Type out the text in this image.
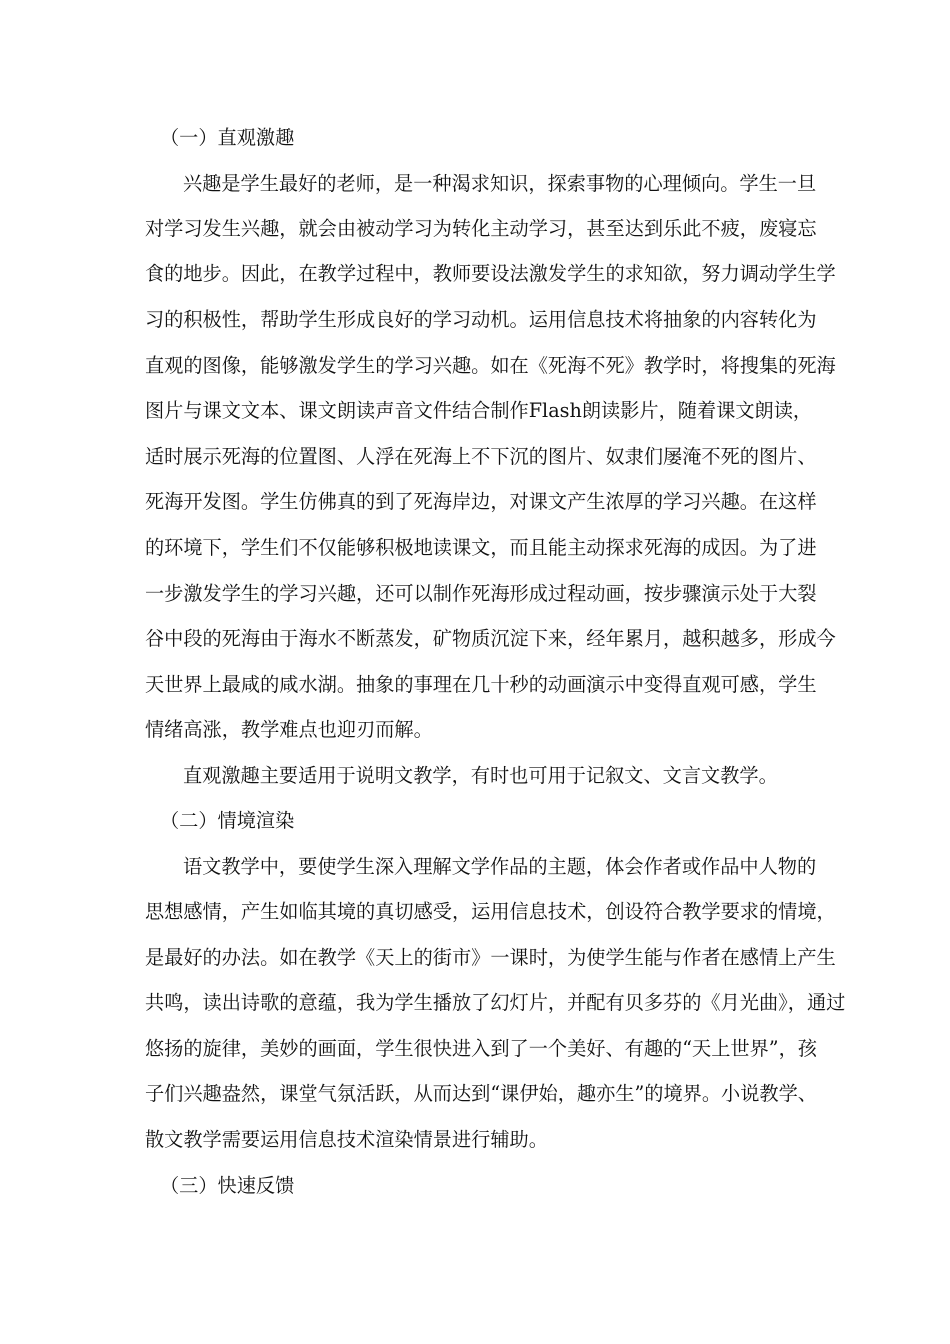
（一）直观激趣
兴趣是学生最好的老师，是一种渴求知识，探索事物的心理倾向。学生一旦
对学习发生兴趣，就会由被动学习为转化主动学习，甚至达到乐此不疲，废寝忘
食的地步。因此，在教学过程中，教师要设法激发学生的求知欲，努力调动学生学
习的积极性，帮助学生形成良好的学习动机。运用信息技术将抽象的内容转化为
直观的图像，能够激发学生的学习兴趣。如在《死海不死》教学时，将搜集的死海
图片与课文文本、课文朗读声音文件结合制作Flash朗读影片，随着课文朗读，
适时展示死海的位置图、人浮在死海上不下沉的图片、奴隶们屡淹不死的图片、
死海开发图。学生仿佛真的到了死海岸边，对课文产生浓厚的学习兴趣。在这样
的环境下，学生们不仅能够积极地读课文，而且能主动探求死海的成因。为了进
一步激发学生的学习兴趣，还可以制作死海形成过程动画，按步骤演示处于大裂
谷中段的死海由于海水不断蒸发，矿物质沉淀下来，经年累月，越积越多，形成今
天世界上最咸的咸水湖。抽象的事理在几十秒的动画演示中变得直观可感，学生
情绪高涨，教学难点也迎刃而解。
直观激趣主要适用于说明文教学，有时也可用于记叙文、文言文教学。
（二）情境渲染
语文教学中，要使学生深入理解文学作品的主题，体会作者或作品中人物的
思想感情，产生如临其境的真切感受，运用信息技术，创设符合教学要求的情境，
是最好的办法。如在教学《天上的街市》一课时，为使学生能与作者在感情上产生
共鸣，读出诗歌的意蕴，我为学生播放了幻灯片，并配有贝多芬的《月光曲》，通过
悠扬的旋律，美妙的画面，学生很快进入到了一个美好、有趣的“天上世界”，孩
子们兴趣盎然，课堂气氛活跃，从而达到“课伊始，趣亦生”的境界。小说教学、
散文教学需要运用信息技术渲染情景进行辅助。
（三）快速反馈
